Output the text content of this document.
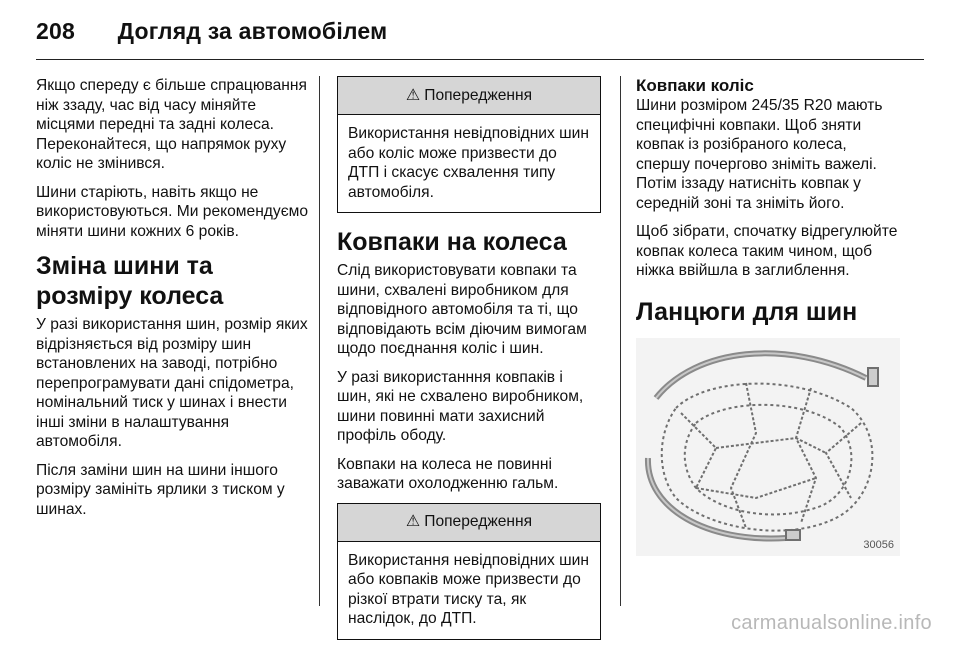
208 Догляд за автомобілем

Якщо спереду є більше спрацювання ніж ззаду, час від часу міняйте місцями передні та задні колеса. Переконайтеся, що напрямок руху коліс не змінився.

Шини старіють, навіть якщо не використовуються. Ми рекомендуємо міняти шини кожних 6 років.

Зміна шини та розміру колеса

У разі використання шин, розмір яких відрізняється від розміру шин встановлених на заводі, потрібно перепрограмувати дані спідометра, номінальний тиск у шинах і внести інші зміни в налаштування автомобіля.

Після заміни шин на шини іншого розміру замініть ярлики з тиском у шинах.

⚠ Попередження
Використання невідповідних шин або коліс може призвести до ДТП і скасує схвалення типу автомобіля.
Ковпаки на колеса

Слід використовувати ковпаки та шини, схвалені виробником для відповідного автомобіля та ті, що відповідають всім діючим вимогам щодо поєднання коліс і шин.

У разі використанння ковпаків і шин, які не схвалено виробником, шини повинні мати захисний профіль ободу.

Ковпаки на колеса не повинні заважати охолодженню гальм.

⚠ Попередження
Використання невідповідних шин або ковпаків може призвести до різкої втрати тиску та, як наслідок, до ДТП.
Ковпаки коліс

Шини розміром 245/35 R20 мають специфічні ковпаки. Щоб зняти ковпак із розібраного колеса, спершу почергово зніміть важелі. Потім іззаду натисніть ковпак у середній зоні та зніміть його.

Щоб зібрати, спочатку відрегулюйте ковпак колеса таким чином, щоб ніжка ввійшла в заглиблення.

Ланцюги для шин
30056
carmanualsonline.info
